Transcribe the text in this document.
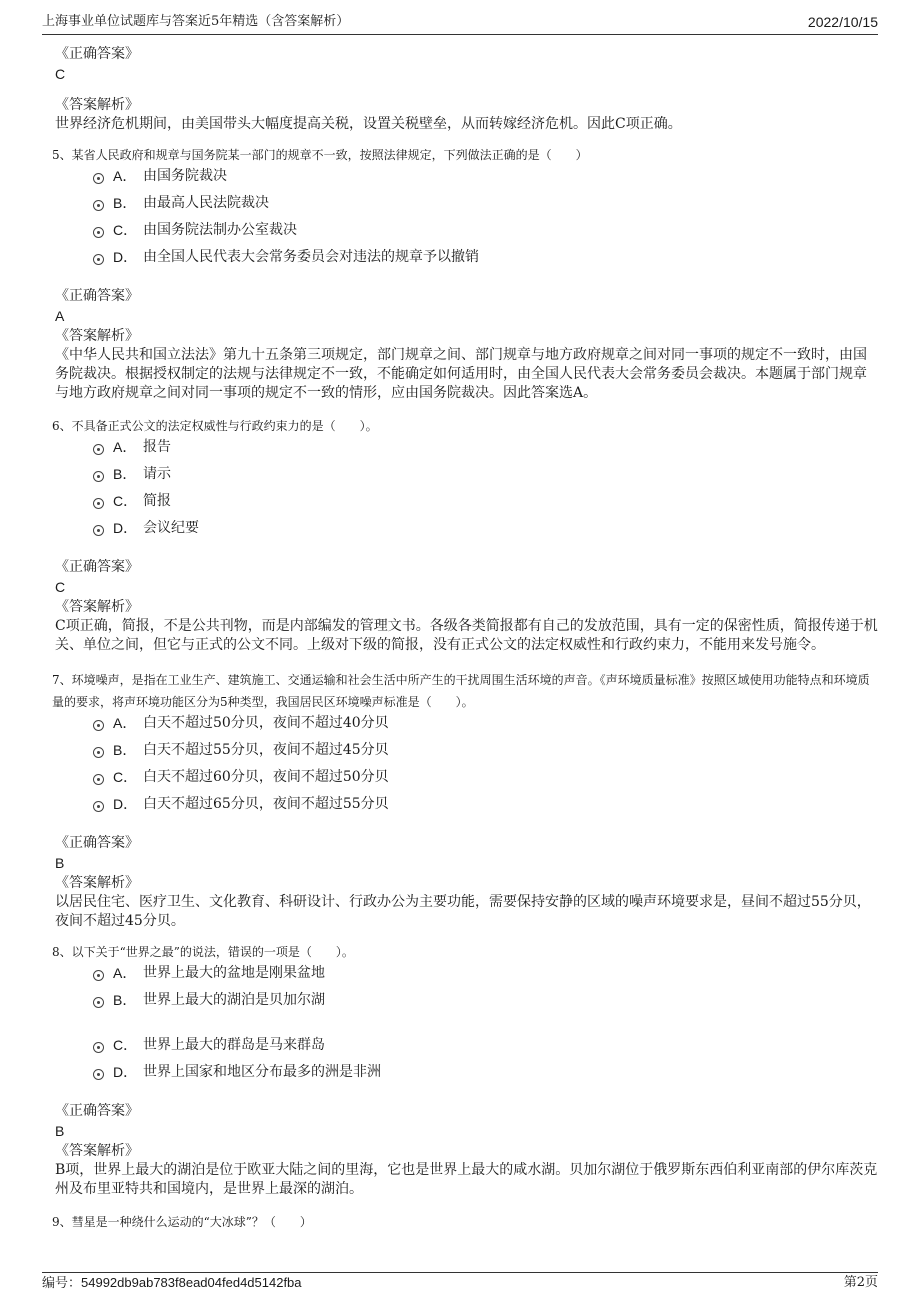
上海事业单位试题库与答案近5年精选（含答案解析）	2022/10/15
《正确答案》
C
《答案解析》
世界经济危机期间，由美国带头大幅度提高关税，设置关税壁垒，从而转嫁经济危机。因此C项正确。
5、某省人民政府和规章与国务院某一部门的规章不一致，按照法律规定，下列做法正确的是（　　）
A． 由国务院裁决
B． 由最高人民法院裁决
C． 由国务院法制办公室裁决
D． 由全国人民代表大会常务委员会对违法的规章予以撤销
《正确答案》
A
《答案解析》
《中华人民共和国立法法》第九十五条第三项规定，部门规章之间、部门规章与地方政府规章之间对同一事项的规定不一致时，由国务院裁决。根据授权制定的法规与法律规定不一致，不能确定如何适用时，由全国人民代表大会常务委员会裁决。本题属于部门规章与地方政府规章之间对同一事项的规定不一致的情形，应由国务院裁决。因此答案选A。
6、不具备正式公文的法定权威性与行政约束力的是（　　）。
A． 报告
B． 请示
C． 简报
D． 会议纪要
《正确答案》
C
《答案解析》
C项正确，简报，不是公共刊物，而是内部编发的管理文书。各级各类简报都有自己的发放范围，具有一定的保密性质，简报传递于机关、单位之间，但它与正式的公文不同。上级对下级的简报，没有正式公文的法定权威性和行政约束力，不能用来发号施令。
7、环境噪声，是指在工业生产、建筑施工、交通运输和社会生活中所产生的干扰周围生活环境的声音。《声环境质量标准》按照区域使用功能特点和环境质量的要求，将声环境功能区分为5种类型，我国居民区环境噪声标准是（　　）。
A． 白天不超过50分贝，夜间不超过40分贝
B． 白天不超过55分贝，夜间不超过45分贝
C． 白天不超过60分贝，夜间不超过50分贝
D． 白天不超过65分贝，夜间不超过55分贝
《正确答案》
B
《答案解析》
以居民住宅、医疗卫生、文化教育、科研设计、行政办公为主要功能，需要保持安静的区域的噪声环境要求是，昼间不超过55分贝，夜间不超过45分贝。
8、以下关于“世界之最”的说法，错误的一项是（　　）。
A． 世界上最大的盆地是刚果盆地
B． 世界上最大的湖泊是贝加尔湖
C． 世界上最大的群岛是马来群岛
D． 世界上国家和地区分布最多的洲是非洲
《正确答案》
B
《答案解析》
B项，世界上最大的湖泊是位于欧亚大陆之间的里海，它也是世界上最大的咸水湖。贝加尔湖位于俄罗斯东西伯利亚南部的伊尔库茨克州及布里亚特共和国境内，是世界上最深的湖泊。
9、彗星是一种绕什么运动的“大冰球”？（　　）
编号：54992db9ab783f8ead04fed4d5142fba	第2页
